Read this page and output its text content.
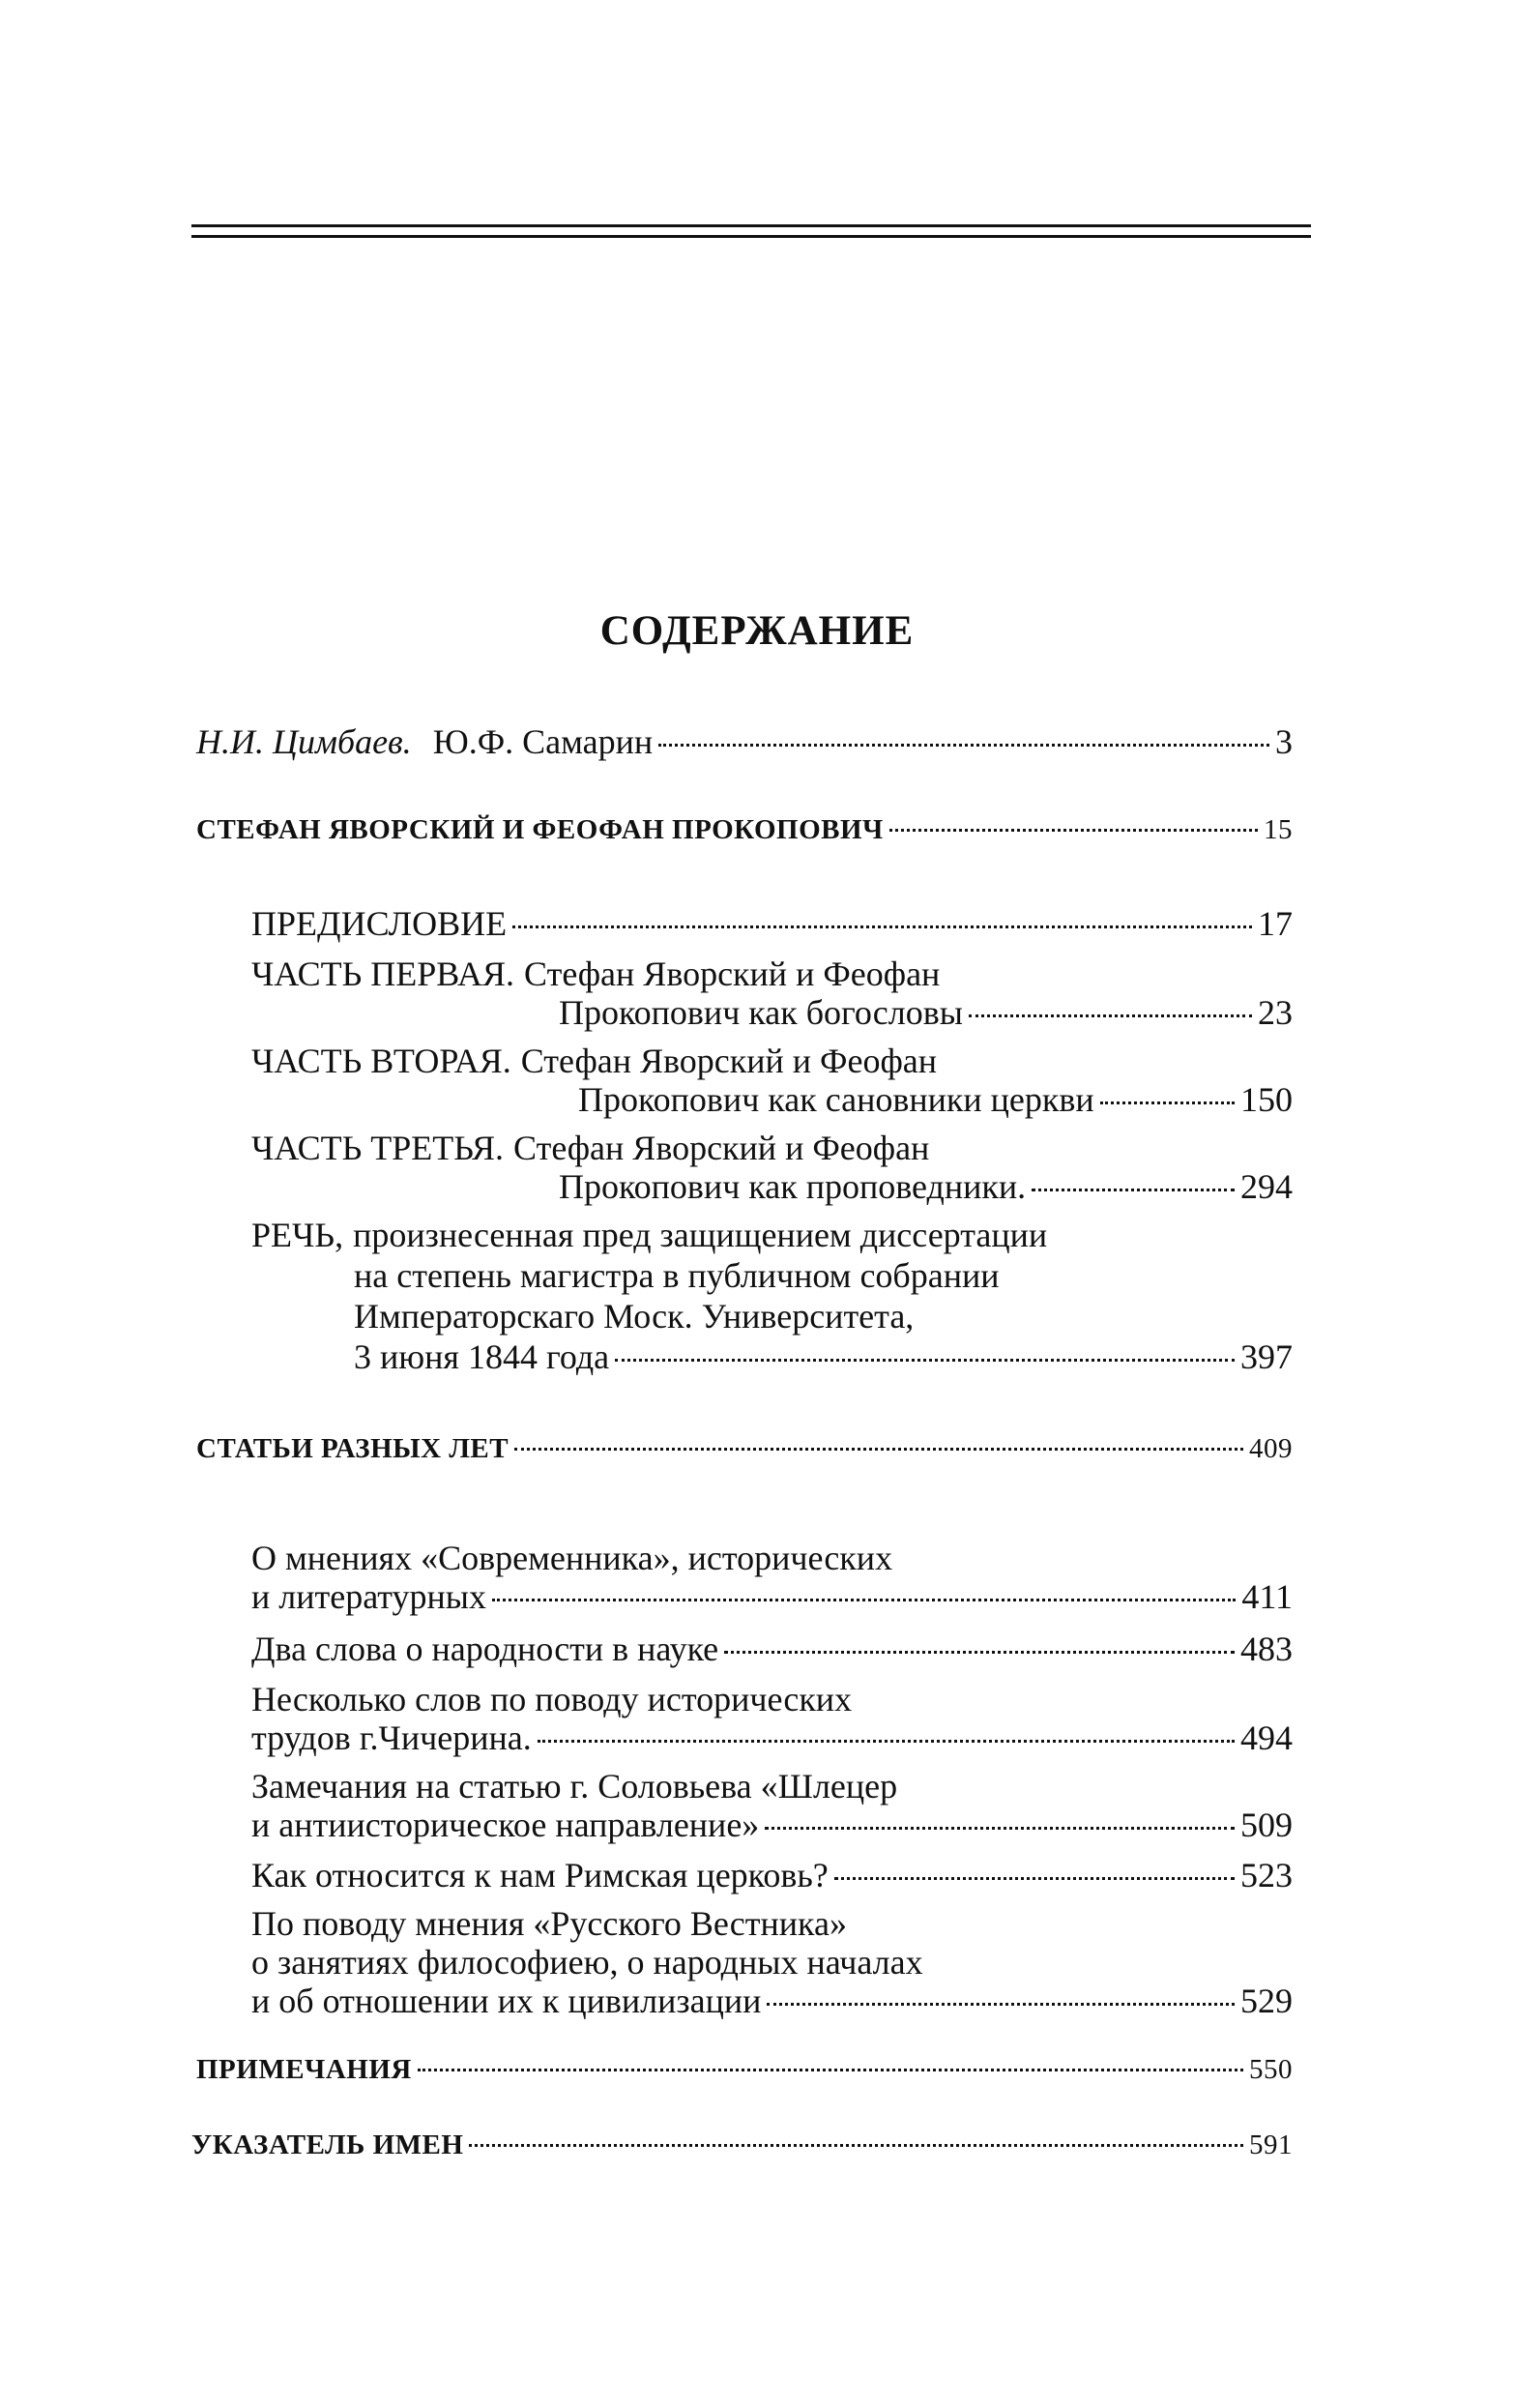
СОДЕРЖАНИЕ
Н.И. Цимбаев. Ю.Ф. Самарин	3
СТЕФАН ЯВОРСКИЙ И ФЕОФАН ПРОКОПОВИЧ	15
ПРЕДИСЛОВИЕ	17
ЧАСТЬ ПЕРВАЯ. Стефан Яворский и Феофан
Прокопович как богословы	23
ЧАСТЬ ВТОРАЯ. Стефан Яворский и Феофан
Прокопович как сановники церкви	150
ЧАСТЬ ТРЕТЬЯ. Стефан Яворский и Феофан
Прокопович как проповедники.	294
РЕЧЬ, произнесенная пред защищением диссертации
на степень магистра в публичном собрании
Императорскаго Моск. Университета,
3 июня 1844 года	397
СТАТЬИ РАЗНЫХ ЛЕТ	409
О мнениях «Современника», исторических
и литературных	411
Два слова о народности в науке	483
Несколько слов по поводу исторических
трудов г.Чичерина.	494
Замечания на статью г. Соловьева «Шлецер
и антиисторическое направление»	509
Как относится к нам Римская церковь?	523
По поводу мнения «Русского Вестника»
о занятиях философиею, о народных началах
и об отношении их к цивилизации	529
ПРИМЕЧАНИЯ	550
УКАЗАТЕЛЬ ИМЕН	591
